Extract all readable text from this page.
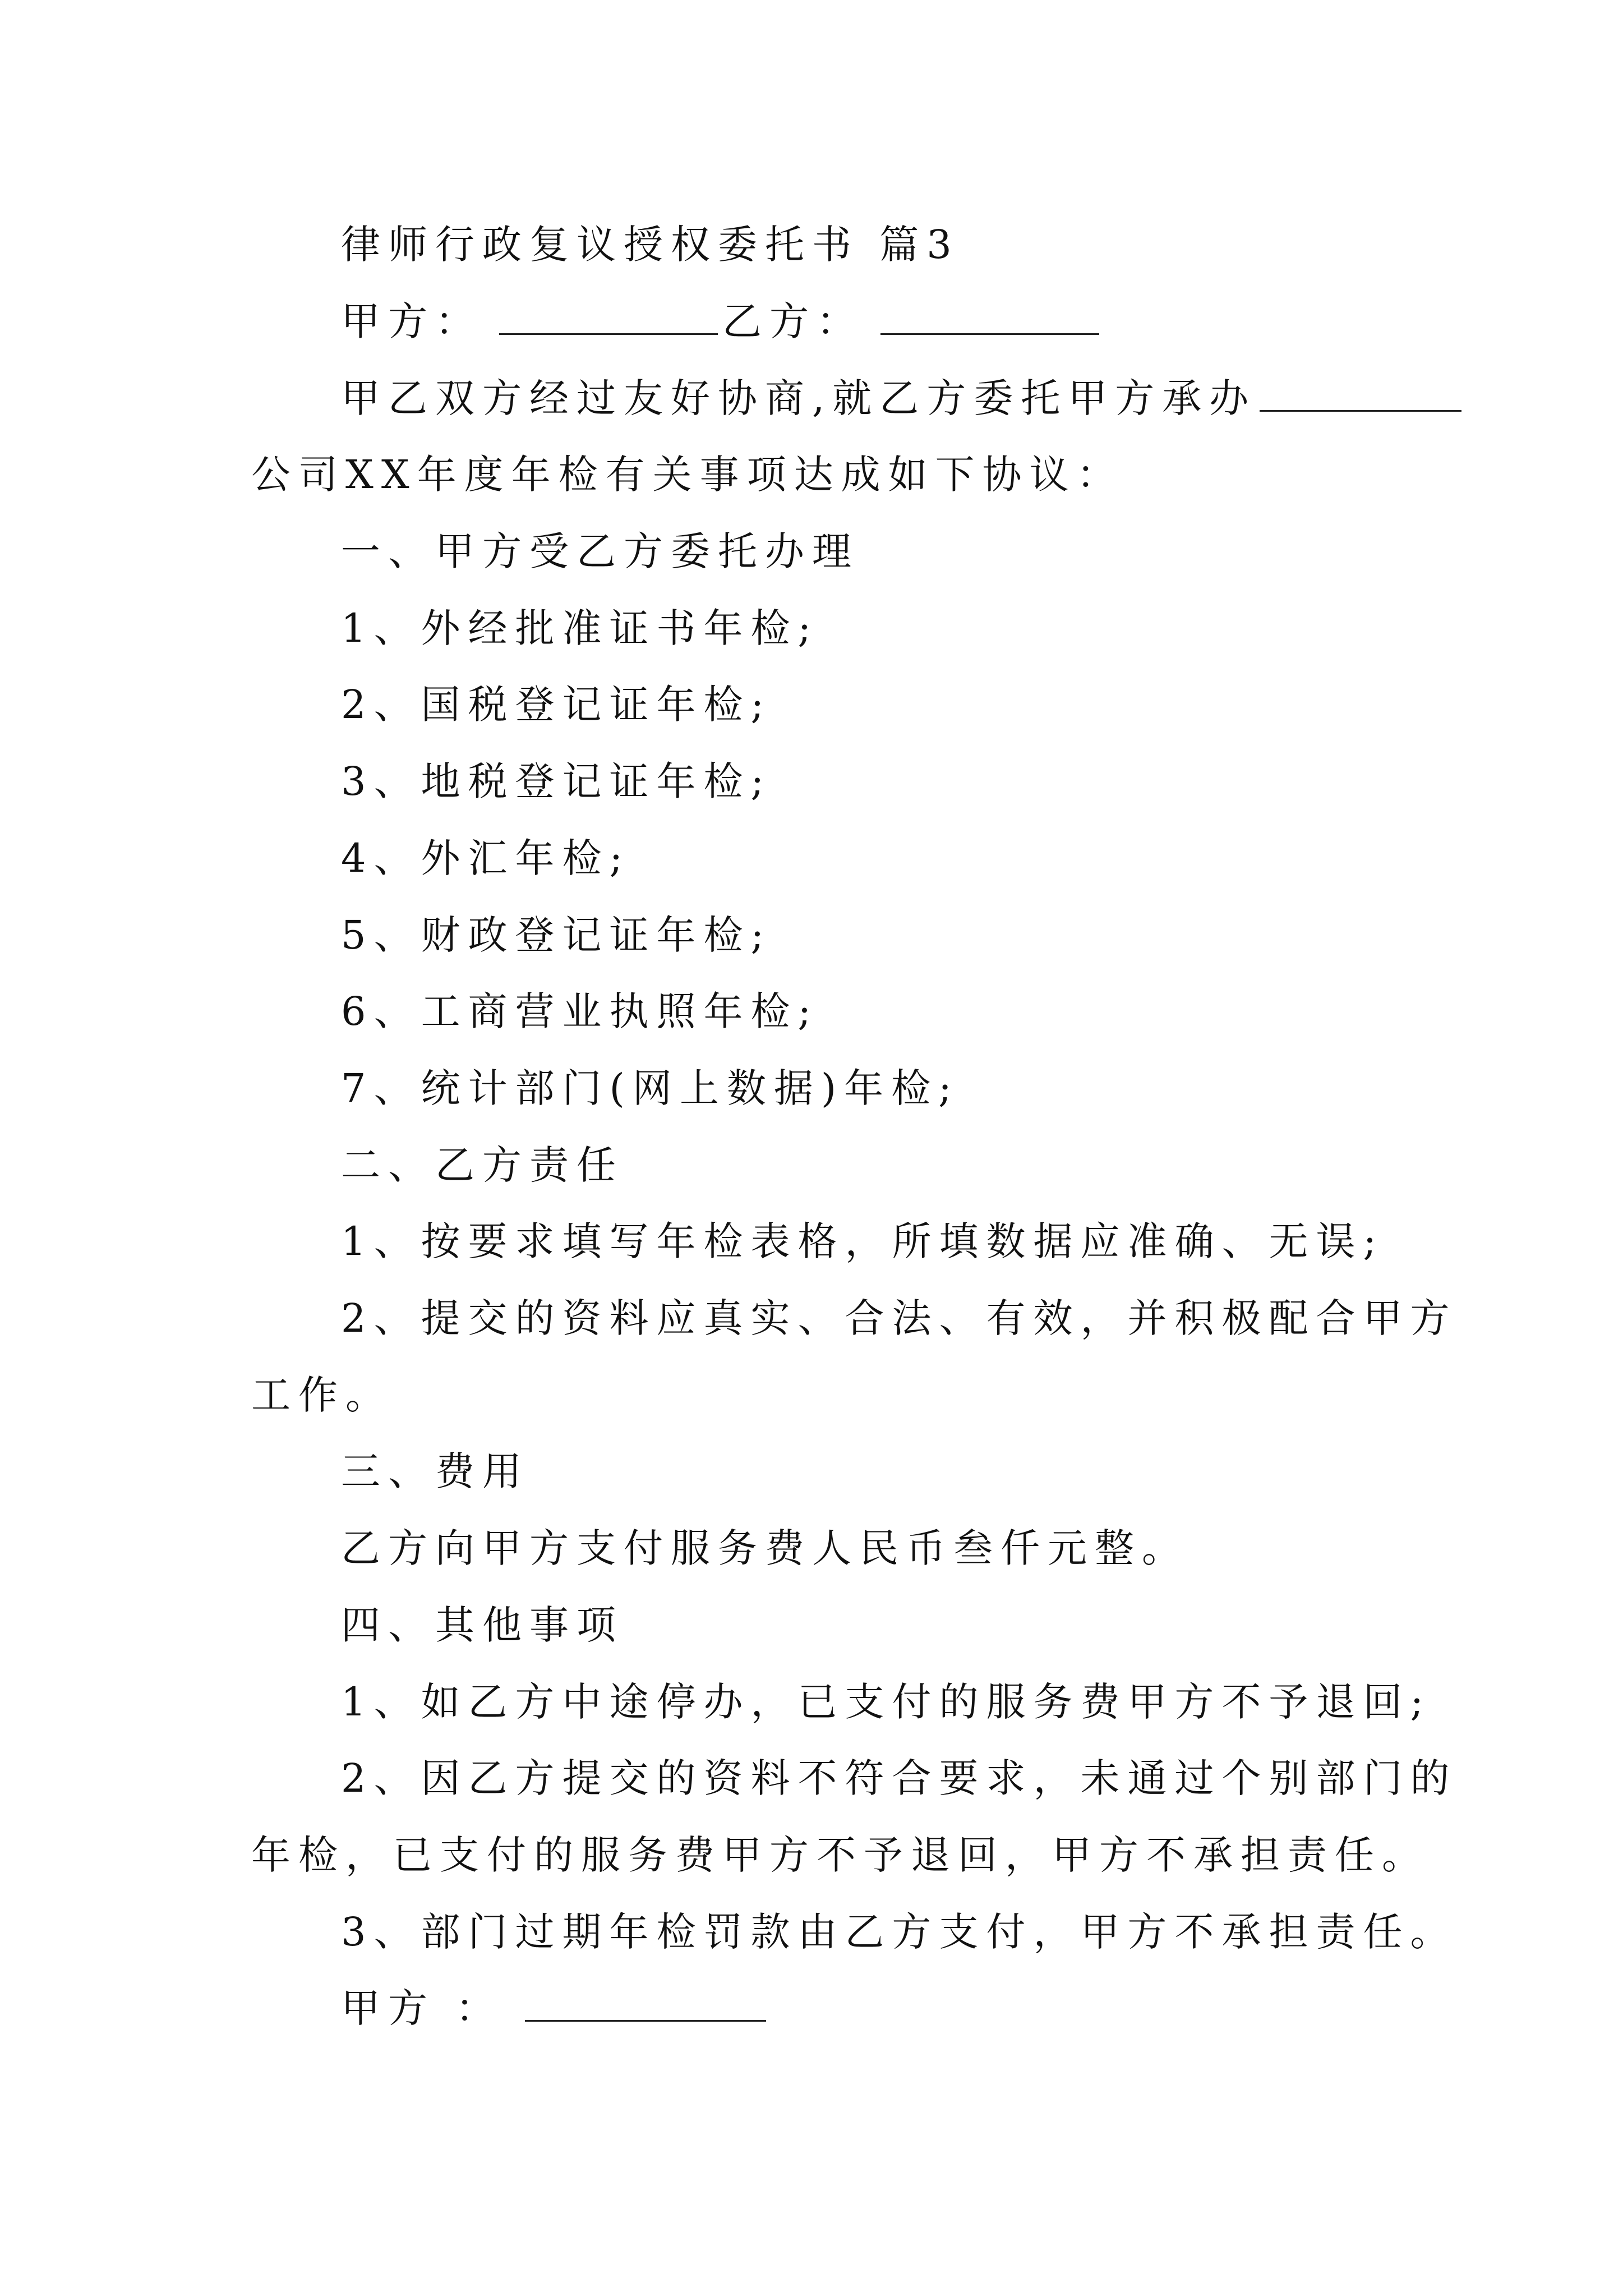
律师行政复议授权委托书 篇3
甲方：	乙方：
甲乙双方经过友好协商,就乙方委托甲方承办
公司XX年度年检有关事项达成如下协议：
一、甲方受乙方委托办理
1、外经批准证书年检;
2、国税登记证年检;
3、地税登记证年检;
4、外汇年检;
5、财政登记证年检;
6、工商营业执照年检;
7、统计部门(网上数据)年检;
二、乙方责任
1、按要求填写年检表格，所填数据应准确、无误;
2、提交的资料应真实、合法、有效，并积极配合甲方
工作。
三、费用
乙方向甲方支付服务费人民币叁仟元整。
四、其他事项
1、如乙方中途停办，已支付的服务费甲方不予退回;
2、因乙方提交的资料不符合要求，未通过个别部门的
年检，已支付的服务费甲方不予退回，甲方不承担责任。
3、部门过期年检罚款由乙方支付，甲方不承担责任。
甲方 ：
